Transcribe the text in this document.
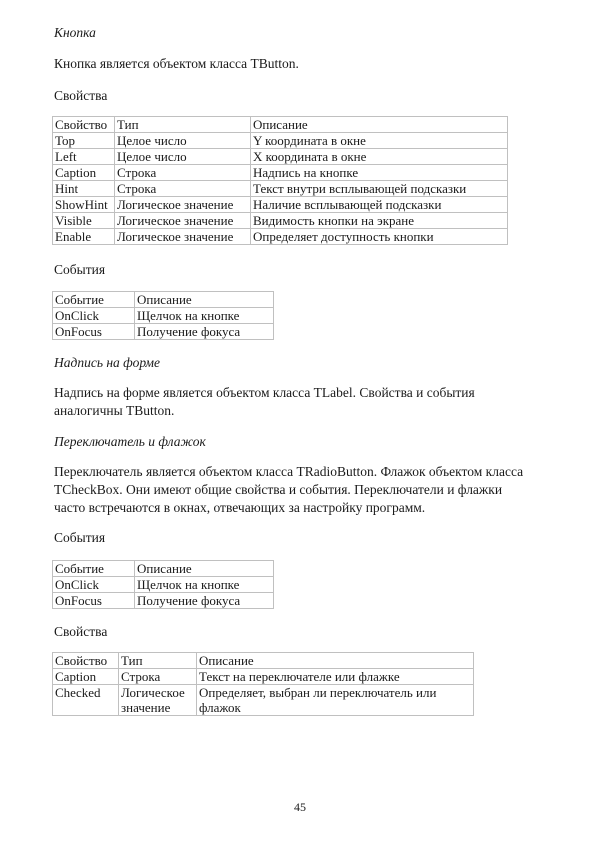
Кнопка

Кнопка является объектом класса TButton.

Свойства

Свойство	Тип	Описание
Top	Целое число	Y координата в окне
Left	Целое число	X координата в окне
Caption	Строка	Надпись на кнопке
Hint	Строка	Текст внутри всплывающей подсказки
ShowHint	Логическое значение	Наличие всплывающей подсказки
Visible	Логическое значение	Видимость кнопки на экране
Enable	Логическое значение	Определяет доступность кнопки

События

Событие	Описание
OnClick	Щелчок на кнопке
OnFocus	Получение фокуса

Надпись на форме

Надпись на форме является объектом класса TLabel. Свойства и события аналогичны TButton.

Переключатель и флажок

Переключатель является объектом класса TRadioButton. Флажок объектом класса TCheckBox. Они имеют общие свойства и события. Переключатели и флажки часто встречаются в окнах, отвечающих за настройку программ.

События

Событие	Описание
OnClick	Щелчок на кнопке
OnFocus	Получение фокуса

Свойства

Свойство	Тип	Описание
Caption	Строка	Текст на переключателе или флажке
Checked	Логическое значение	Определяет, выбран ли переключатель или флажок
45
